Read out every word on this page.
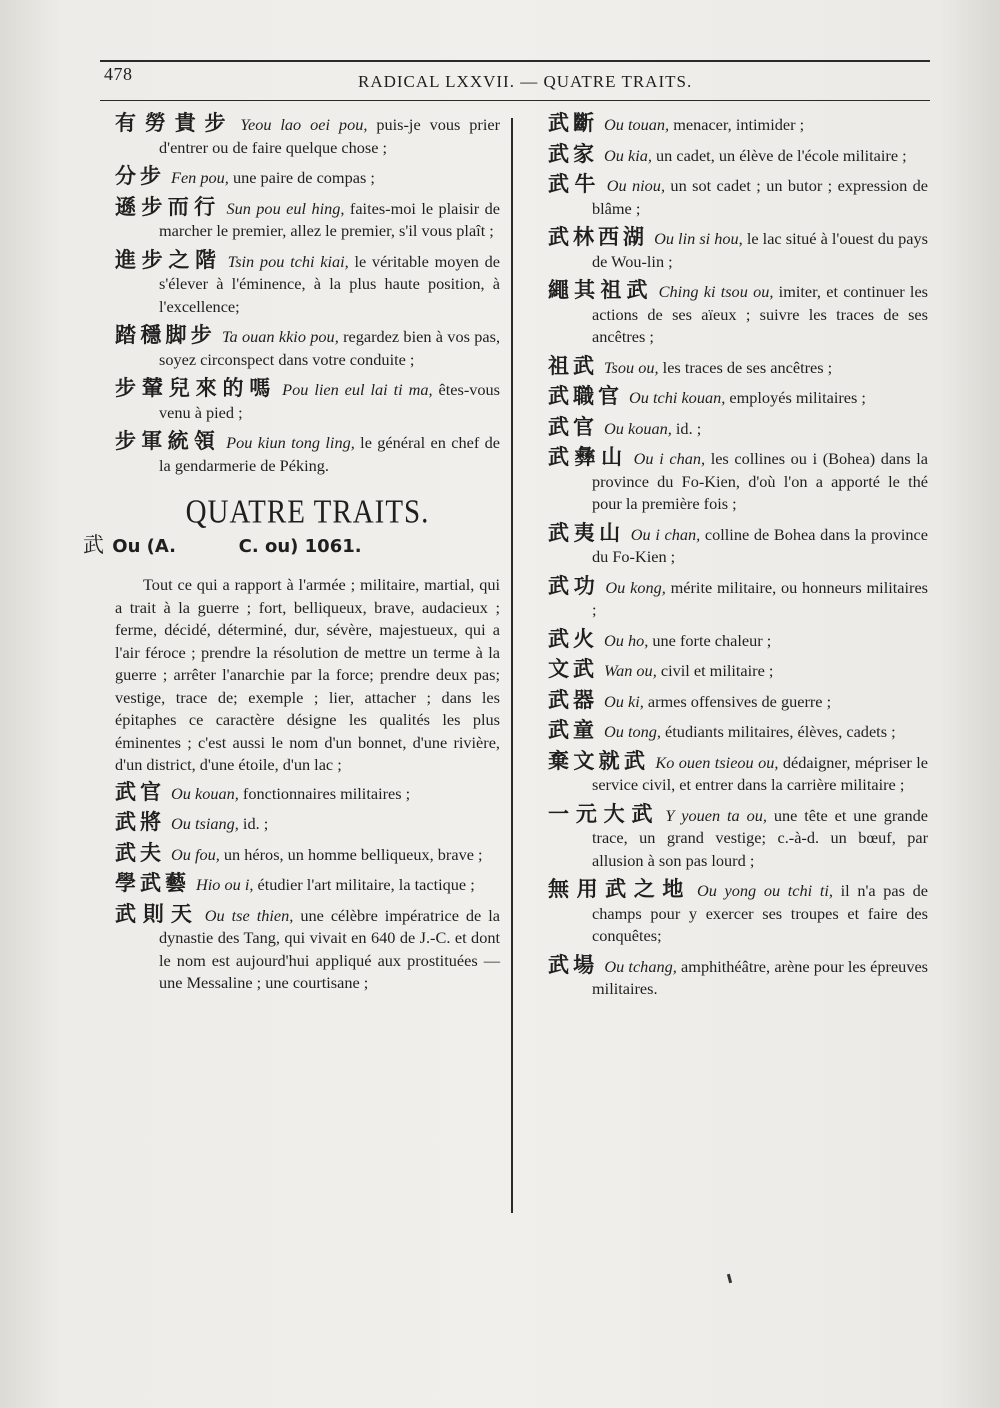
478	RADICAL LXXVII. — QUATRE TRAITS.
有勞貴步 Yeou lao oei pou, puis-je vous prier d'entrer ou de faire quelque chose ;
分步 Fen pou, une paire de compas ;
遜步而行 Sun pou eul hing, faites-moi le plaisir de marcher le premier, allez le premier, s'il vous plaît ;
進步之階 Tsin pou tchi kiai, le véritable moyen de s'élever à l'éminence, à la plus haute position, à l'excellence;
踏穩脚步 Ta ouan kkio pou, regardez bien à vos pas, soyez circonspect dans votre conduite ;
步輦兒來的嗎 Pou lien eul lai ti ma, êtes-vous venu à pied ;
步軍統領 Pou kiun tong ling, le général en chef de la gendarmerie de Péking.
QUATRE TRAITS.
武 Ou (A.          C. ou) 1061.
Tout ce qui a rapport à l'armée ; militaire, martial, qui a trait à la guerre ; fort, belliqueux, brave, audacieux ; ferme, décidé, déterminé, dur, sévère, majestueux, qui a l'air féroce ; prendre la résolution de mettre un terme à la guerre ; arrêter l'anarchie par la force; prendre deux pas; vestige, trace de; exemple ; lier, attacher ; dans les épitaphes ce caractère désigne les qualités les plus éminentes ; c'est aussi le nom d'un bonnet, d'une rivière, d'un district, d'une étoile, d'un lac ;
武官 Ou kouan, fonctionnaires militaires ;
武將 Ou tsiang, id. ;
武夫 Ou fou, un héros, un homme belliqueux, brave ;
學武藝 Hio ou i, étudier l'art militaire, la tactique ;
武則天 Ou tse thien, une célèbre impératrice de la dynastie des Tang, qui vivait en 640 de J.-C. et dont le nom est aujourd'hui appliqué aux prostituées — une Messaline ; une courtisane ;
武斷 Ou touan, menacer, intimider ;
武家 Ou kia, un cadet, un élève de l'école militaire ;
武牛 Ou niou, un sot cadet ; un butor ; expression de blâme ;
武林西湖 Ou lin si hou, le lac situé à l'ouest du pays de Wou-lin ;
繩其祖武 Ching ki tsou ou, imiter, et continuer les actions de ses aïeux ; suivre les traces de ses ancêtres ;
祖武 Tsou ou, les traces de ses ancêtres ;
武職官 Ou tchi kouan, employés militaires ;
武官 Ou kouan, id. ;
武彝山 Ou i chan, les collines ou i (Bohea) dans la province du Fo-Kien, d'où l'on a apporté le thé pour la première fois ;
武夷山 Ou i chan, colline de Bohea dans la province du Fo-Kien ;
武功 Ou kong, mérite militaire, ou honneurs militaires ;
武火 Ou ho, une forte chaleur ;
文武 Wan ou, civil et militaire ;
武器 Ou ki, armes offensives de guerre ;
武童 Ou tong, étudiants militaires, élèves, cadets ;
棄文就武 Ko ouen tsieou ou, dédaigner, mépriser le service civil, et entrer dans la carrière militaire ;
一元大武 Y youen ta ou, une tête et une grande trace, un grand vestige; c.-à-d. un bœuf, par allusion à son pas lourd ;
無用武之地 Ou yong ou tchi ti, il n'a pas de champs pour y exercer ses troupes et faire des conquêtes;
武場 Ou tchang, amphithéâtre, arène pour les épreuves militaires.
